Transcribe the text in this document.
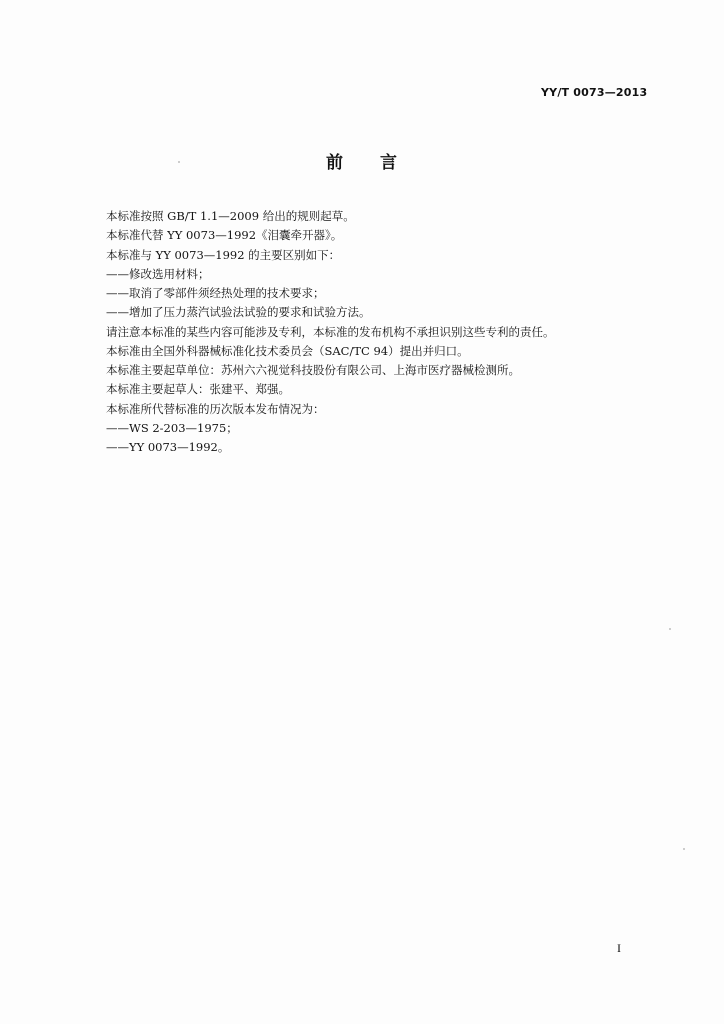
YY/T 0073—2013
前言
本标准按照 GB/T 1.1—2009 给出的规则起草。
本标准代替 YY 0073—1992《泪囊牵开器》。
本标准与 YY 0073—1992 的主要区别如下：
——修改选用材料；
——取消了零部件须经热处理的技术要求；
——增加了压力蒸汽试验法试验的要求和试验方法。
请注意本标准的某些内容可能涉及专利，本标准的发布机构不承担识别这些专利的责任。
本标准由全国外科器械标准化技术委员会（SAC/TC 94）提出并归口。
本标准主要起草单位：苏州六六视觉科技股份有限公司、上海市医疗器械检测所。
本标准主要起草人：张建平、郑强。
本标准所代替标准的历次版本发布情况为：
——WS 2-203—1975；
——YY 0073—1992。
I
